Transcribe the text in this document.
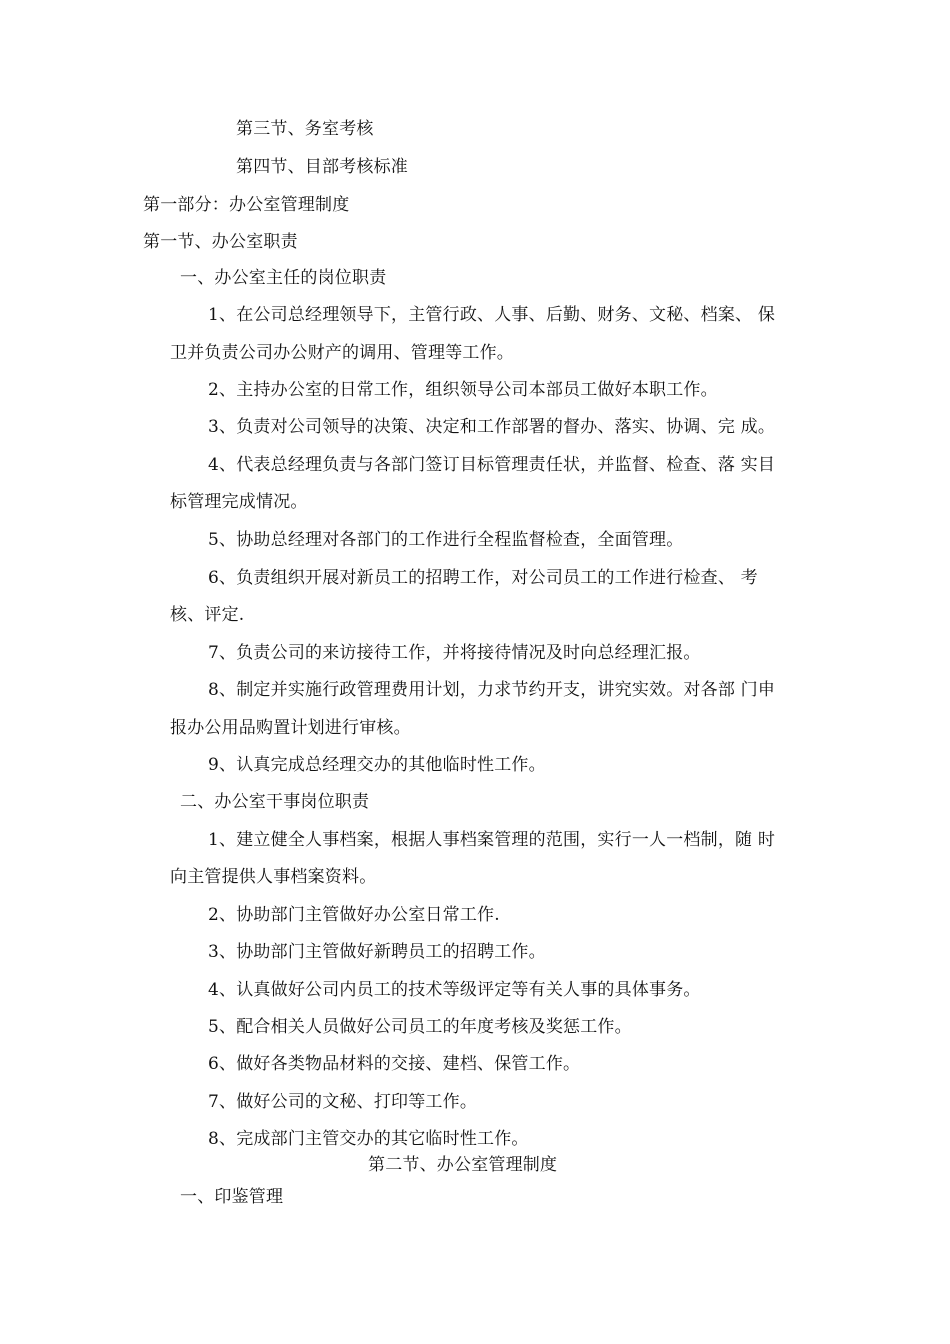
第三节、务室考核
第四节、目部考核标准
第一部分：办公室管理制度
第一节、办公室职责
一、办公室主任的岗位职责
1、在公司总经理领导下，主管行政、人事、后勤、财务、文秘、档案、 保
卫并负责公司办公财产的调用、管理等工作。
2、主持办公室的日常工作，组织领导公司本部员工做好本职工作。
3、负责对公司领导的决策、决定和工作部署的督办、落实、协调、完 成。
4、代表总经理负责与各部门签订目标管理责任状，并监督、检查、落 实目
标管理完成情况。
5、协助总经理对各部门的工作进行全程监督检查，全面管理。
6、负责组织开展对新员工的招聘工作，对公司员工的工作进行检查、 考
核、评定.
7、负责公司的来访接待工作，并将接待情况及时向总经理汇报。
8、制定并实施行政管理费用计划，力求节约开支，讲究实效。对各部 门申
报办公用品购置计划进行审核。
9、认真完成总经理交办的其他临时性工作。
二、办公室干事岗位职责
1、建立健全人事档案，根据人事档案管理的范围，实行一人一档制，随 时
向主管提供人事档案资料。
2、协助部门主管做好办公室日常工作.
3、协助部门主管做好新聘员工的招聘工作。
4、认真做好公司内员工的技术等级评定等有关人事的具体事务。
5、配合相关人员做好公司员工的年度考核及奖惩工作。
6、做好各类物品材料的交接、建档、保管工作。
7、做好公司的文秘、打印等工作。
8、完成部门主管交办的其它临时性工作。
第二节、办公室管理制度
一、印鉴管理
